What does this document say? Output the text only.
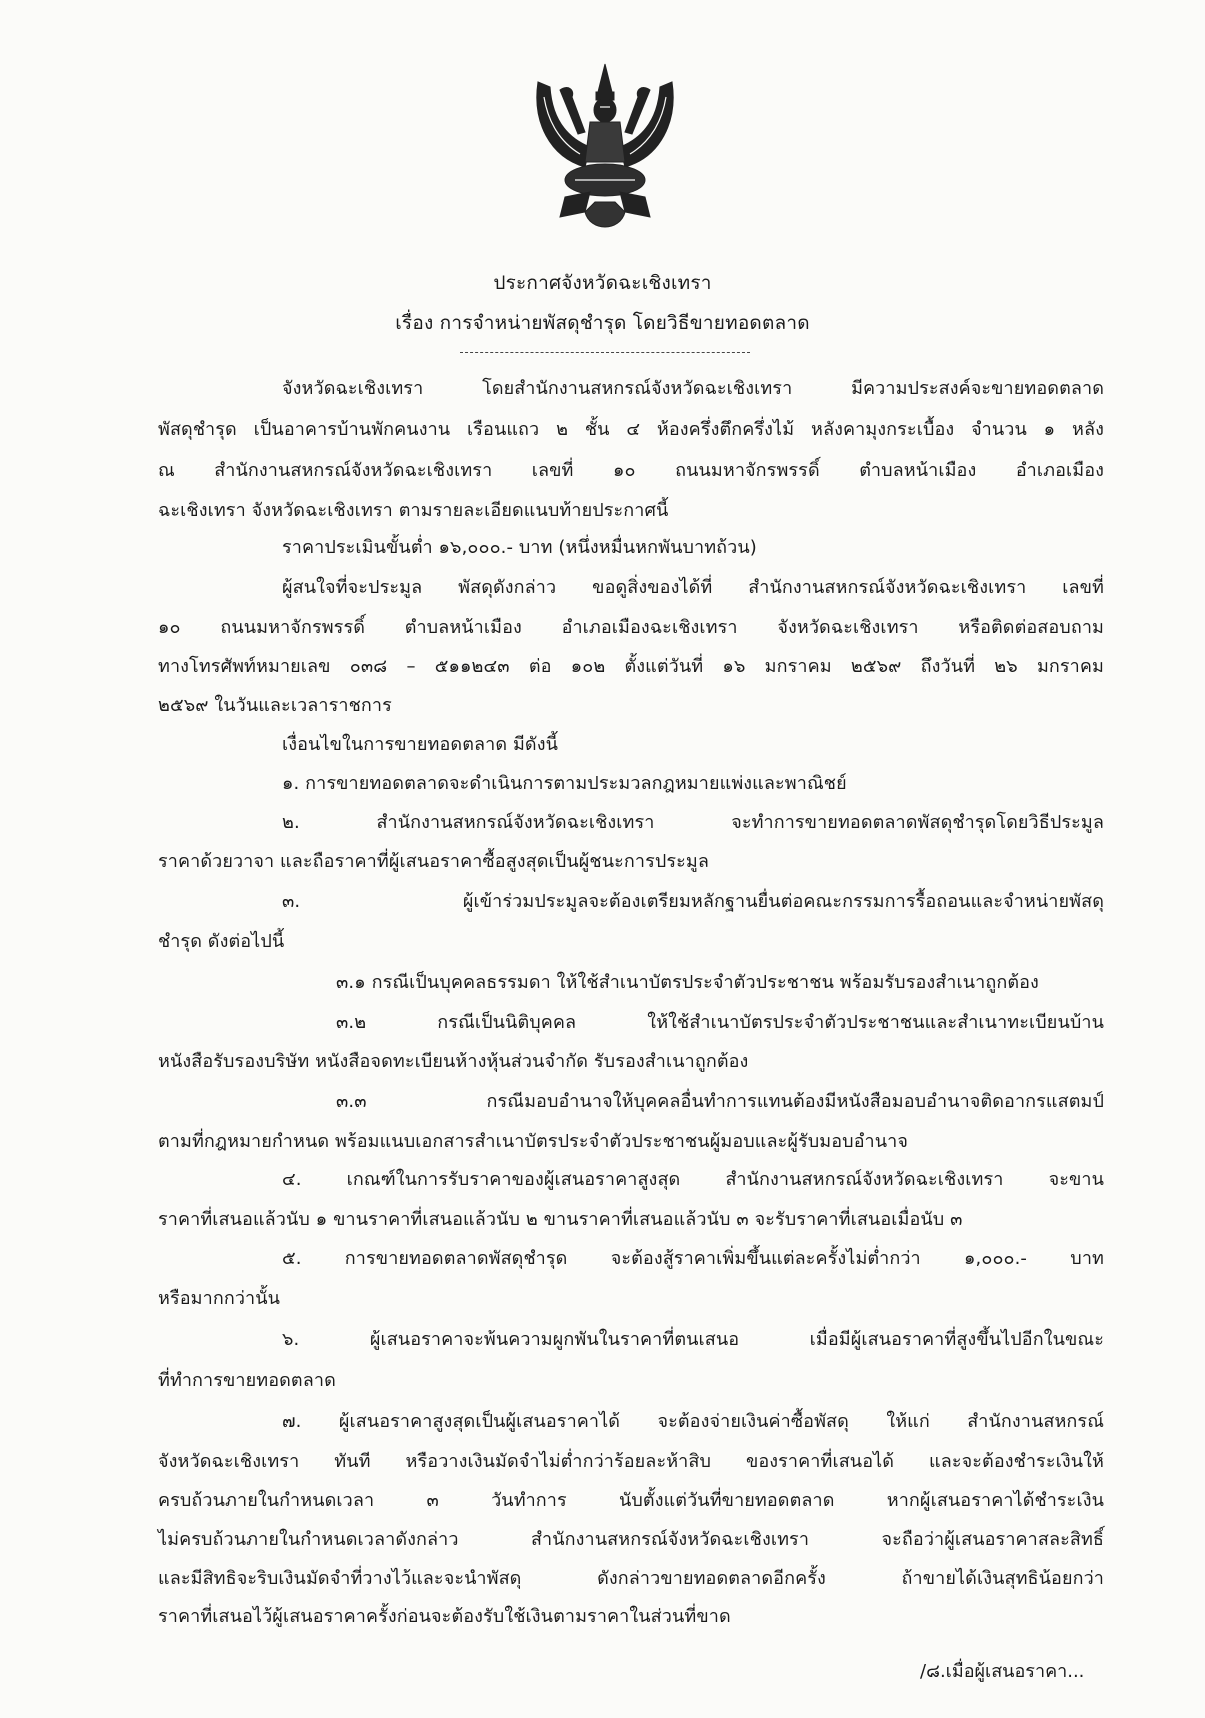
ประกาศจังหวัดฉะเชิงเทรา
เรื่อง การจำหน่ายพัสดุชำรุด โดยวิธีขายทอดตลาด
จังหวัดฉะเชิงเทรา โดยสำนักงานสหกรณ์จังหวัดฉะเชิงเทรา มีความประสงค์จะขายทอดตลาด
พัสดุชำรุด เป็นอาคารบ้านพักคนงาน เรือนแถว ๒ ชั้น ๔ ห้องครึ่งตึกครึ่งไม้ หลังคามุงกระเบื้อง จำนวน ๑ หลัง
ณ สำนักงานสหกรณ์จังหวัดฉะเชิงเทรา เลขที่ ๑๐ ถนนมหาจักรพรรดิ์ ตำบลหน้าเมือง อำเภอเมือง
ฉะเชิงเทรา จังหวัดฉะเชิงเทรา ตามรายละเอียดแนบท้ายประกาศนี้
ราคาประเมินขั้นต่ำ ๑๖,๐๐๐.- บาท (หนึ่งหมื่นหกพันบาทถ้วน)
ผู้สนใจที่จะประมูล พัสดุดังกล่าว ขอดูสิ่งของได้ที่ สำนักงานสหกรณ์จังหวัดฉะเชิงเทรา เลขที่
๑๐ ถนนมหาจักรพรรดิ์ ตำบลหน้าเมือง อำเภอเมืองฉะเชิงเทรา จังหวัดฉะเชิงเทรา หรือติดต่อสอบถาม
ทางโทรศัพท์หมายเลข ๐๓๘ – ๕๑๑๒๔๓ ต่อ ๑๐๒ ตั้งแต่วันที่ ๑๖ มกราคม ๒๕๖๙ ถึงวันที่ ๒๖ มกราคม
๒๕๖๙ ในวันและเวลาราชการ
เงื่อนไขในการขายทอดตลาด มีดังนี้
๑. การขายทอดตลาดจะดำเนินการตามประมวลกฎหมายแพ่งและพาณิชย์
๒. สำนักงานสหกรณ์จังหวัดฉะเชิงเทรา จะทำการขายทอดตลาดพัสดุชำรุดโดยวิธีประมูล
ราคาด้วยวาจา และถือราคาที่ผู้เสนอราคาซื้อสูงสุดเป็นผู้ชนะการประมูล
๓. ผู้เข้าร่วมประมูลจะต้องเตรียมหลักฐานยื่นต่อคณะกรรมการรื้อถอนและจำหน่ายพัสดุ
ชำรุด ดังต่อไปนี้
๓.๑ กรณีเป็นบุคคลธรรมดา ให้ใช้สำเนาบัตรประจำตัวประชาชน พร้อมรับรองสำเนาถูกต้อง
๓.๒ กรณีเป็นนิติบุคคล ให้ใช้สำเนาบัตรประจำตัวประชาชนและสำเนาทะเบียนบ้าน
หนังสือรับรองบริษัท หนังสือจดทะเบียนห้างหุ้นส่วนจำกัด รับรองสำเนาถูกต้อง
๓.๓ กรณีมอบอำนาจให้บุคคลอื่นทำการแทนต้องมีหนังสือมอบอำนาจติดอากรแสตมป์
ตามที่กฎหมายกำหนด พร้อมแนบเอกสารสำเนาบัตรประจำตัวประชาชนผู้มอบและผู้รับมอบอำนาจ
๔. เกณฑ์ในการรับราคาของผู้เสนอราคาสูงสุด สำนักงานสหกรณ์จังหวัดฉะเชิงเทรา จะขาน
ราคาที่เสนอแล้วนับ ๑ ขานราคาที่เสนอแล้วนับ ๒ ขานราคาที่เสนอแล้วนับ ๓ จะรับราคาที่เสนอเมื่อนับ ๓
๕. การขายทอดตลาดพัสดุชำรุด จะต้องสู้ราคาเพิ่มขึ้นแต่ละครั้งไม่ต่ำกว่า ๑,๐๐๐.- บาท
หรือมากกว่านั้น
๖. ผู้เสนอราคาจะพ้นความผูกพันในราคาที่ตนเสนอ เมื่อมีผู้เสนอราคาที่สูงขึ้นไปอีกในขณะ
ที่ทำการขายทอดตลาด
๗. ผู้เสนอราคาสูงสุดเป็นผู้เสนอราคาได้ จะต้องจ่ายเงินค่าซื้อพัสดุ ให้แก่ สำนักงานสหกรณ์
จังหวัดฉะเชิงเทรา ทันที หรือวางเงินมัดจำไม่ต่ำกว่าร้อยละห้าสิบ ของราคาที่เสนอได้ และจะต้องชำระเงินให้
ครบถ้วนภายในกำหนดเวลา ๓ วันทำการ นับตั้งแต่วันที่ขายทอดตลาด หากผู้เสนอราคาได้ชำระเงิน
ไม่ครบถ้วนภายในกำหนดเวลาดังกล่าว สำนักงานสหกรณ์จังหวัดฉะเชิงเทรา จะถือว่าผู้เสนอราคาสละสิทธิ์
และมีสิทธิจะริบเงินมัดจำที่วางไว้และจะนำพัสดุ ดังกล่าวขายทอดตลาดอีกครั้ง ถ้าขายได้เงินสุทธิน้อยกว่า
ราคาที่เสนอไว้ผู้เสนอราคาครั้งก่อนจะต้องรับใช้เงินตามราคาในส่วนที่ขาด
/๘.เมื่อผู้เสนอราคา...
